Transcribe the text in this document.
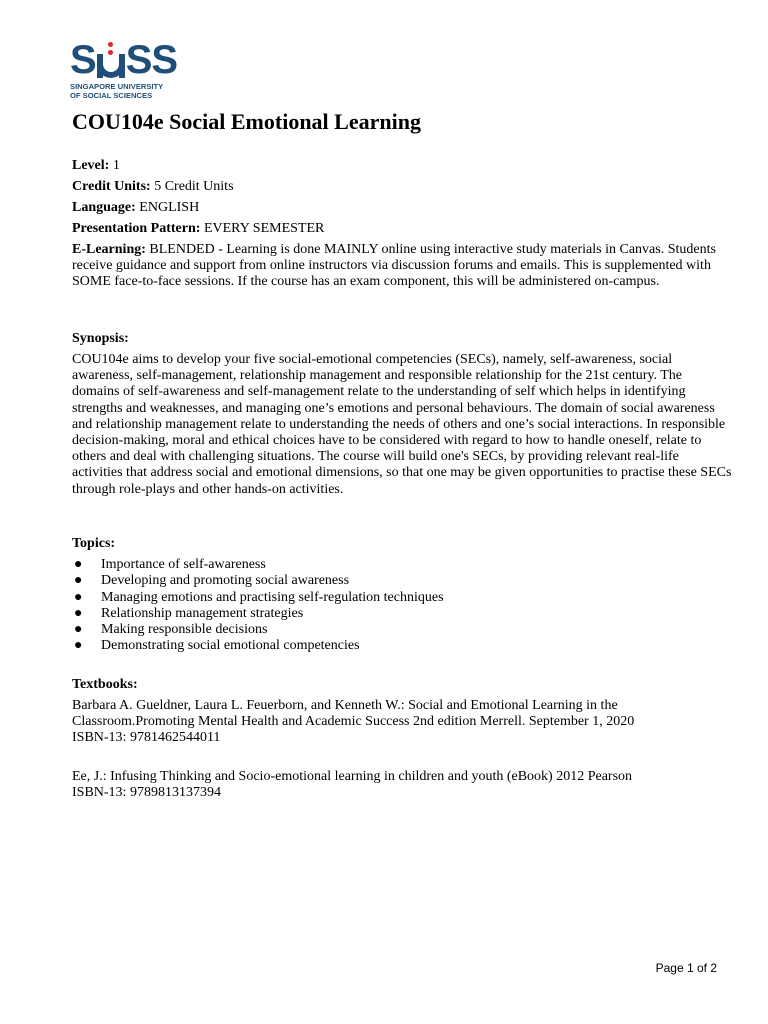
S S S
SINGAPORE UNIVERSITY
OF SOCIAL SCIENCES
COU104e Social Emotional Learning
Level: 1
Credit Units: 5 Credit Units
Language: ENGLISH
Presentation Pattern: EVERY SEMESTER
E-Learning: BLENDED - Learning is done MAINLY online using interactive study materials in Canvas. Students receive guidance and support from online instructors via discussion forums and emails. This is supplemented with SOME face-to-face sessions. If the course has an exam component, this will be administered on-campus.
Synopsis:
COU104e aims to develop your five social-emotional competencies (SECs), namely, self-awareness, social awareness, self-management, relationship management and responsible relationship for the 21st century. The domains of self-awareness and self-management relate to the understanding of self which helps in identifying strengths and weaknesses, and managing one’s emotions and personal behaviours. The domain of social awareness and relationship management relate to understanding the needs of others and one’s social interactions. In responsible decision-making, moral and ethical choices have to be considered with regard to how to handle oneself, relate to others and deal with challenging situations. The course will build one's SECs, by providing relevant real-life activities that address social and emotional dimensions, so that one may be given opportunities to practise these SECs through role-plays and other hands-on activities.
Topics:
● Importance of self-awareness
● Developing and promoting social awareness
● Managing emotions and practising self-regulation techniques
● Relationship management strategies
● Making responsible decisions
● Demonstrating social emotional competencies
Textbooks:
Barbara A. Gueldner, Laura L. Feuerborn, and Kenneth W.: Social and Emotional Learning in the
Classroom.Promoting Mental Health and Academic Success 2nd edition Merrell. September 1, 2020
ISBN-13: 9781462544011
Ee, J.: Infusing Thinking and Socio-emotional learning in children and youth (eBook) 2012 Pearson
ISBN-13: 9789813137394
Page 1 of 2
